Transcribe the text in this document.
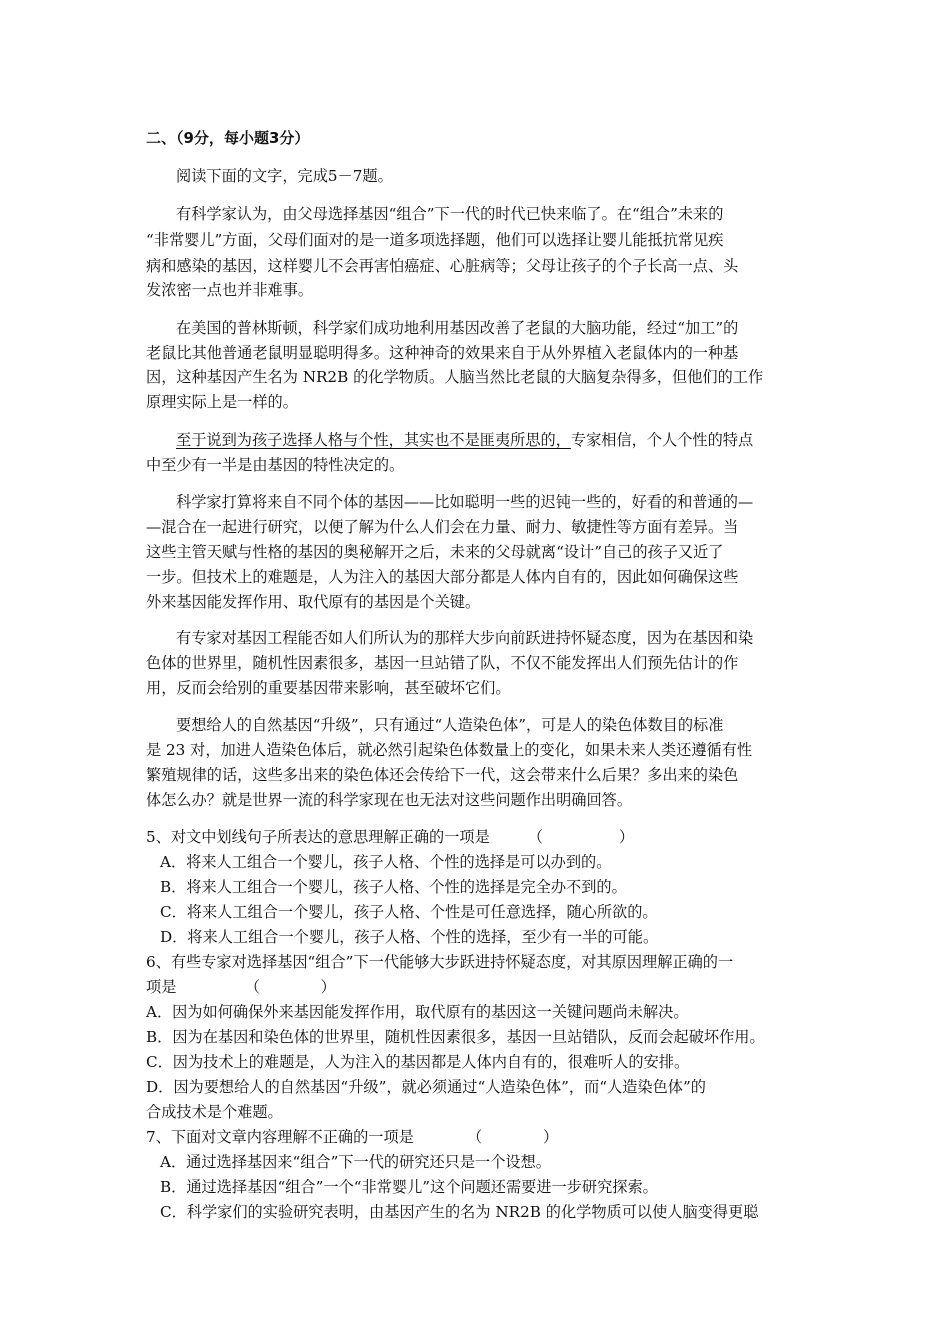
二、（9分，每小题3分）
阅读下面的文字，完成5－7题。
有科学家认为，由父母选择基因“组合”下一代的时代已快来临了。在“组合”未来的
“非常婴儿”方面，父母们面对的是一道多项选择题，他们可以选择让婴儿能抵抗常见疾
病和感染的基因，这样婴儿不会再害怕癌症、心脏病等；父母让孩子的个子长高一点、头
发浓密一点也并非难事。
在美国的普林斯顿，科学家们成功地利用基因改善了老鼠的大脑功能，经过“加工”的
老鼠比其他普通老鼠明显聪明得多。这种神奇的效果来自于从外界植入老鼠体内的一种基
因，这种基因产生名为 NR2B 的化学物质。人脑当然比老鼠的大脑复杂得多，但他们的工作
原理实际上是一样的。
至于说到为孩子选择人格与个性，其实也不是匪夷所思的，专家相信，个人个性的特点
中至少有一半是由基因的特性决定的。
科学家打算将来自不同个体的基因——比如聪明一些的迟钝一些的，好看的和普通的—
—混合在一起进行研究，以便了解为什么人们会在力量、耐力、敏捷性等方面有差异。当
这些主管天赋与性格的基因的奥秘解开之后，未来的父母就离“设计”自己的孩子又近了
一步。但技术上的难题是，人为注入的基因大部分都是人体内自有的，因此如何确保这些
外来基因能发挥作用、取代原有的基因是个关键。
有专家对基因工程能否如人们所认为的那样大步向前跃进持怀疑态度，因为在基因和染
色体的世界里，随机性因素很多，基因一旦站错了队，不仅不能发挥出人们预先估计的作
用，反而会给别的重要基因带来影响，甚至破坏它们。
要想给人的自然基因“升级”，只有通过“人造染色体”，可是人的染色体数目的标准
是 23 对，加进人造染色体后，就必然引起染色体数量上的变化，如果未来人类还遵循有性
繁殖规律的话，这些多出来的染色体还会传给下一代，这会带来什么后果？多出来的染色
体怎么办？就是世界一流的科学家现在也无法对这些问题作出明确回答。
5、对文中划线句子所表达的意思理解正确的一项是　　　（　　　　　）
A．将来人工组合一个婴儿，孩子人格、个性的选择是可以办到的。
B．将来人工组合一个婴儿，孩子人格、个性的选择是完全办不到的。
C．将来人工组合一个婴儿，孩子人格、个性是可任意选择，随心所欲的。
D．将来人工组合一个婴儿，孩子人格、个性的选择，至少有一半的可能。
6、有些专家对选择基因“组合”下一代能够大步跃进持怀疑态度，对其原因理解正确的一
项是　　　　　（　　　　）
A．因为如何确保外来基因能发挥作用，取代原有的基因这一关键问题尚未解决。
B．因为在基因和染色体的世界里，随机性因素很多，基因一旦站错队，反而会起破坏作用。
C．因为技术上的难题是，人为注入的基因都是人体内自有的，很难听人的安排。
D．因为要想给人的自然基因“升级”，就必须通过“人造染色体”，而“人造染色体”的
合成技术是个难题。
7、下面对文章内容理解不正确的一项是　　　　（　　　　）
A．通过选择基因来“组合”下一代的研究还只是一个设想。
B．通过选择基因“组合”一个“非常婴儿”这个问题还需要进一步研究探索。
C．科学家们的实验研究表明，由基因产生的名为 NR2B 的化学物质可以使人脑变得更聪
